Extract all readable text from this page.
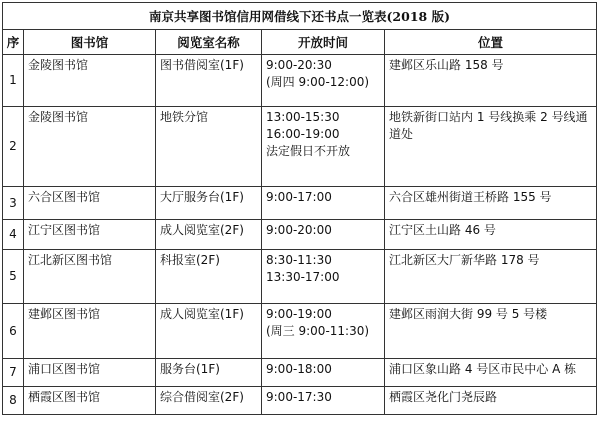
南京共享图书馆信用网借线下还书点一览表(2018 版)				
序	图书馆	阅览室名称	开放时间	位置
1	金陵图书馆	图书借阅室(1F)	9:00-20:30
(周四 9:00-12:00)	建邺区乐山路 158 号
2	金陵图书馆	地铁分馆	13:00-15:30
16:00-19:00
法定假日不开放	地铁新街口站内 1 号线换乘 2 号线通道处

3	六合区图书馆	大厅服务台(1F)	9:00-17:00	六合区雄州街道王桥路 155 号
4	江宁区图书馆	成人阅览室(2F)	9:00-20:00	江宁区土山路 46 号
5	江北新区图书馆	科报室(2F)	8:30-11:30
13:30-17:00	江北新区大厂新华路 178 号
6	建邺区图书馆	成人阅览室(1F)	9:00-19:00
(周三 9:00-11:30)	建邺区雨润大街 99 号 5 号楼
7	浦口区图书馆	服务台(1F)	9:00-18:00	浦口区象山路 4 号区市民中心 A 栋
8	栖霞区图书馆	综合借阅室(2F)	9:00-17:30	栖霞区尧化门尧辰路
